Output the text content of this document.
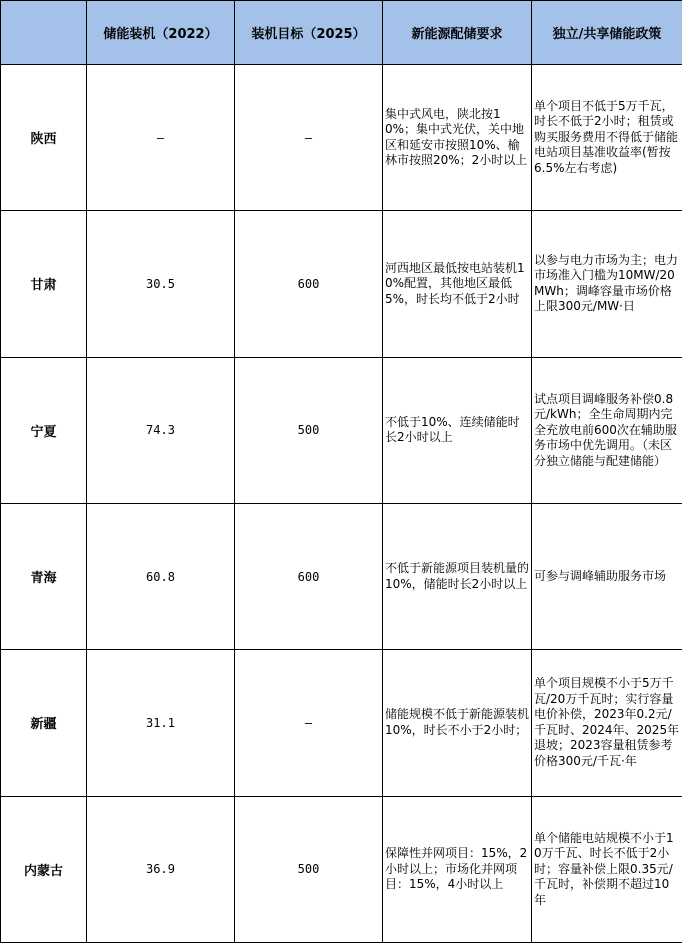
	储能装机（2022）	装机目标（2025）	新能源配储要求	独立/共享储能政策
陕西	–	–	集中式风电，陕北按10%；集中式光伏，关中地区和延安市按照10%、榆林市按照20%；2小时以上	单个项目不低于5万千瓦，时长不低于2小时；租赁或购买服务费用不得低于储能电站项目基准收益率(暂按6.5%左右考虑)
甘肃	30.5	600	河西地区最低按电站装机10%配置，其他地区最低5%，时长均不低于2小时	以参与电力市场为主；电力市场准入门槛为10MW/20MWh；调峰容量市场价格上限300元/MW·日
宁夏	74.3	500	不低于10%、连续储能时长2小时以上	试点项目调峰服务补偿0.8元/kWh；全生命周期内完全充放电前600次在辅助服务市场中优先调用。（未区分独立储能与配建储能）
青海	60.8	600	不低于新能源项目装机量的10%，储能时长2小时以上	可参与调峰辅助服务市场
新疆	31.1	–	储能规模不低于新能源装机10%，时长不小于2小时；	单个项目规模不小于5万千瓦/20万千瓦时；实行容量电价补偿，2023年0.2元/千瓦时、2024年、2025年退坡；2023容量租赁参考价格300元/千瓦·年
内蒙古	36.9	500	保障性并网项目：15%，2小时以上；市场化并网项目：15%，4小时以上	单个储能电站规模不小于10万千瓦、时长不低于2小时；容量补偿上限0.35元/千瓦时，补偿期不超过10年
